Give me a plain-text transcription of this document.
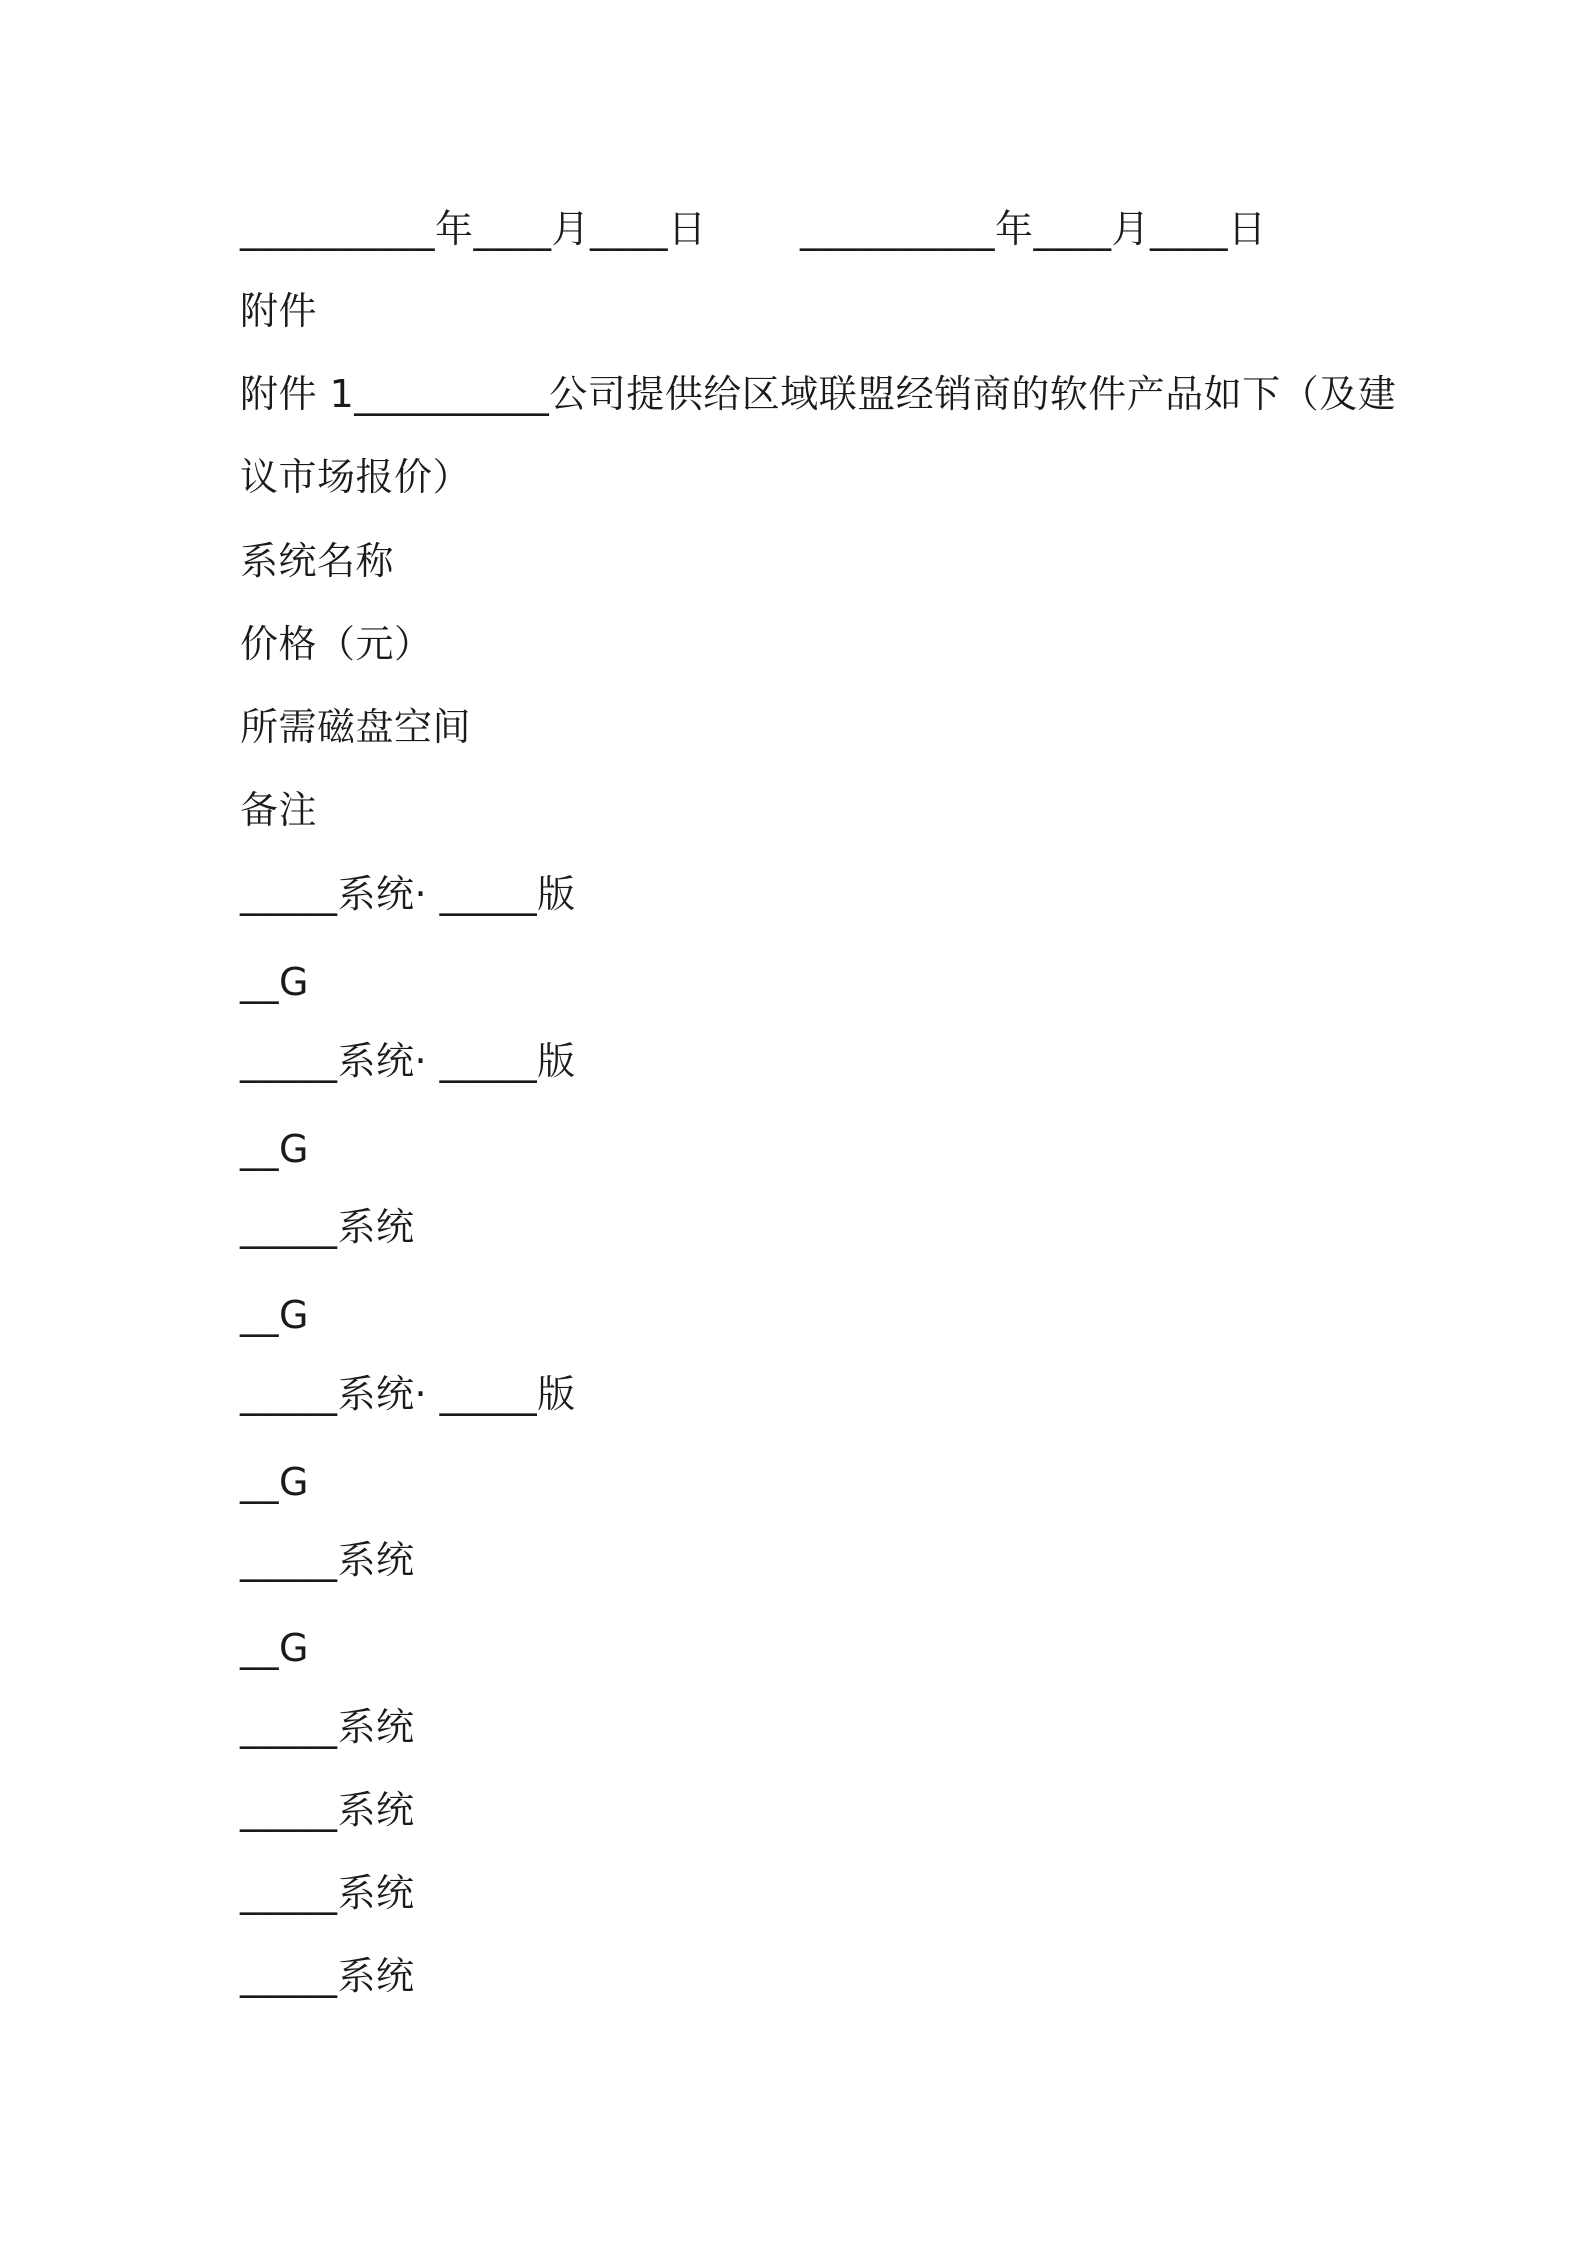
__________年____月____日 __________年____月____日
附件
附件 1__________公司提供给区域联盟经销商的软件产品如下（及建
议市场报价）
系统名称
价格（元）
所需磁盘空间
备注
_____系统· _____版
__G
_____系统· _____版
__G
_____系统
__G
_____系统· _____版
__G
_____系统
__G
_____系统
_____系统
_____系统
_____系统
